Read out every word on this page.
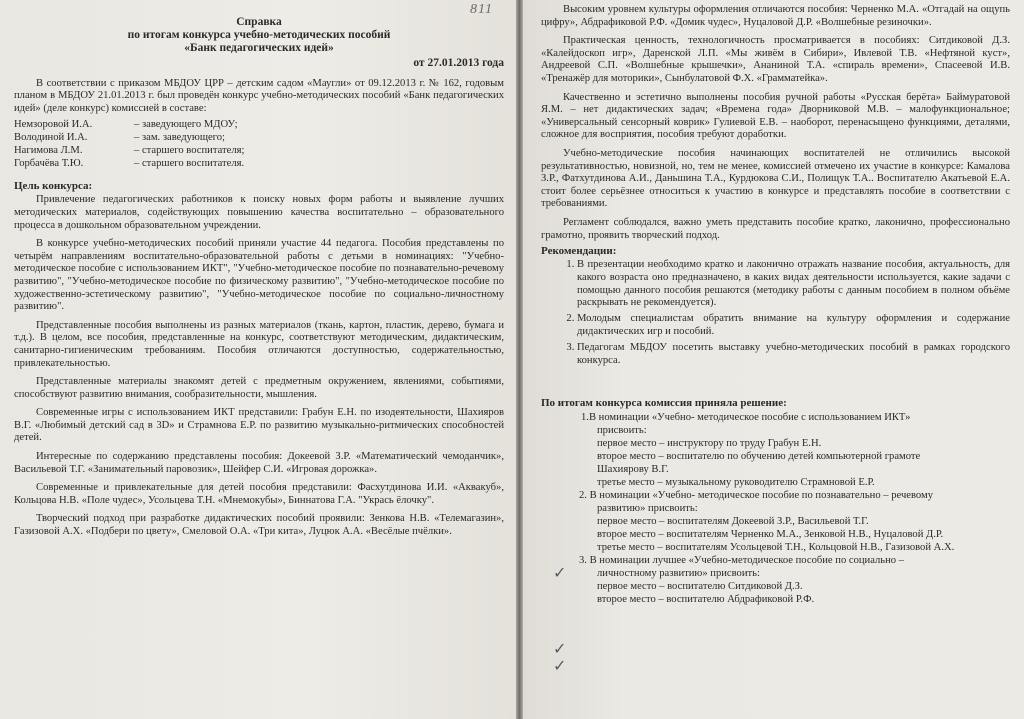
811

Справка

по итогам конкурса учебно-методических пособий

«Банк педагогических идей»

от 27.01.2013 года

В соответствии с приказом МБДОУ ЦРР – детским садом «Маугли» от 09.12.2013 г. № 162, годовым планом в МБДОУ 21.01.2013 г. был проведён конкурс учебно-методических пособий «Банк педагогических идей» (деле конкурс) комиссией в составе:

Немзоровой И.А.	– заведующего МДОУ;
Володиной И.А.	– зам. заведующего;
Нагимова Л.М.	– старшего воспитателя;
Горбачёва Т.Ю.	– старшего воспитателя.
Цель конкурса:

Привлечение педагогических работников к поиску новых форм работы и выявление лучших методических материалов, содействующих повышению качества воспитательно – образовательного процесса в дошкольном образовательном учреждении.

В конкурсе учебно-методических пособий приняли участие 44 педагога. Пособия представлены по четырём направлениям воспитательно-образовательной работы с детьми в номинациях: "Учебно-методическое пособие с использованием ИКТ", "Учебно-методическое пособие по познавательно-речевому развитию", "Учебно-методическое пособие по физическому развитию", "Учебно-методическое пособие по художественно-эстетическому развитию", "Учебно-методическое пособие по социально-личностному развитию".

Представленные пособия выполнены из разных материалов (ткань, картон, пластик, дерево, бумага и т.д.). В целом, все пособия, представленные на конкурс, соответствуют методическим, дидактическим, санитарно-гигиеническим требованиям. Пособия отличаются доступностью, содержательностью, привлекательностью.

Представленные материалы знакомят детей с предметным окружением, явлениями, событиями, способствуют развитию внимания, сообразительности, мышления.

Современные игры с использованием ИКТ представили: Грабун Е.Н. по изодеятельности, Шахияров В.Г. «Любимый детский сад в 3D» и Страмнова Е.Р. по развитию музыкально-ритмических способностей детей.

Интересные по содержанию представлены пособия: Докеевой З.Р. «Математический чемоданчик», Васильевой Т.Г. «Занимательный паровозик», Шейфер С.И. «Игровая дорожка».

Современные и привлекательные для детей пособия представили: Фасхутдинова И.И. «Аквакуб», Кольцова Н.В. «Поле чудес», Усольцева Т.Н. «Мнемокубы», Биннатова Г.А. "Укрась ёлочку".

Творческий подход при разработке дидактических пособий проявили: Зенкова Н.В. «Телемагазин», Газизовой А.Х. «Подбери по цвету», Смеловой О.А. «Три кита», Луцюк А.А. «Весёлые пчёлки».

Высоким уровнем культуры оформления отличаются пособия: Черненко М.А. «Отгадай на ощупь цифру», Абдрафиковой Р.Ф. «Домик чудес», Нуцаловой Д.Р. «Волшебные резиночки».

Практическая ценность, технологичность просматривается в пособиях: Ситдиковой Д.З. «Калейдоскоп игр», Даренской Л.П. «Мы живём в Сибири», Ивлевой Т.В. «Нефтяной куст», Андреевой С.П. «Волшебные крышечки», Ананиной Т.А. «спираль времени», Спасеевой И.В. «Тренажёр для моторики», Сынбулатовой Ф.Х. «Грамматейка».

Качественно и эстетично выполнены пособия ручной работы «Русская берёта» Баймуратовой Я.М. – нет дидактических задач; «Времена года» Дворниковой М.В. – малофункциональное; «Универсальный сенсорный коврик» Гулиевой Е.В. – наоборот, перенасыщено функциями, деталями, сложное для восприятия, пособия требуют доработки.

Учебно-методические пособия начинающих воспитателей не отличились высокой результативностью, новизной, но, тем не менее, комиссией отмечено их участие в конкурсе: Камалова З.Р., Фатхутдинова А.И., Даньшина Т.А., Курдюкова С.И., Полищук Т.А.. Воспитателю Акатьевой Е.А. стоит более серьёзнее относиться к участию в конкурсе и представлять пособие в соответствии с требованиями.

Регламент соблюдался, важно уметь представить пособие кратко, лаконично, профессионально грамотно, проявить творческий подход.

Рекомендации:
1. В презентации необходимо кратко и лаконично отражать название пособия, актуальность, для какого возраста оно предназначено, в каких видах деятельности используется, какие задачи с помощью данного пособия решаются (методику работы с данным пособием в полном объёме раскрывать не рекомендуется).
2. Молодым специалистам обратить внимание на культуру оформления и содержание дидактических игр и пособий.
3. Педагогам МБДОУ посетить выставку учебно-методических пособий в рамках городского конкурса.
По итогам конкурса комиссия приняла решение:
1.В номинации «Учебно- методическое пособие с использованием ИКТ»
присвоить:
первое место – инструктору по труду Грабун Е.Н.
второе место – воспитателю по обучению детей компьютерной грамоте
Шахиярову В.Г.
третье место – музыкальному руководителю Страмновой Е.Р.
2. В номинации «Учебно- методическое пособие по познавательно – речевому
развитию» присвоить:
первое место – воспитателям Докеевой З.Р., Васильевой Т.Г.
второе место – воспитателям Черненко М.А., Зенковой Н.В., Нуцаловой Д.Р.
третье место – воспитателям Усольцевой Т.Н., Кольцовой Н.В., Газизовой А.Х.
3. В номинации лучшее «Учебно-методическое пособие по социально –
личностному развитию» присвоить:
первое место – воспитателю Ситдиковой Д.З.
второе место – воспитателю Абдрафиковой Р.Ф.
✓
✓
✓
